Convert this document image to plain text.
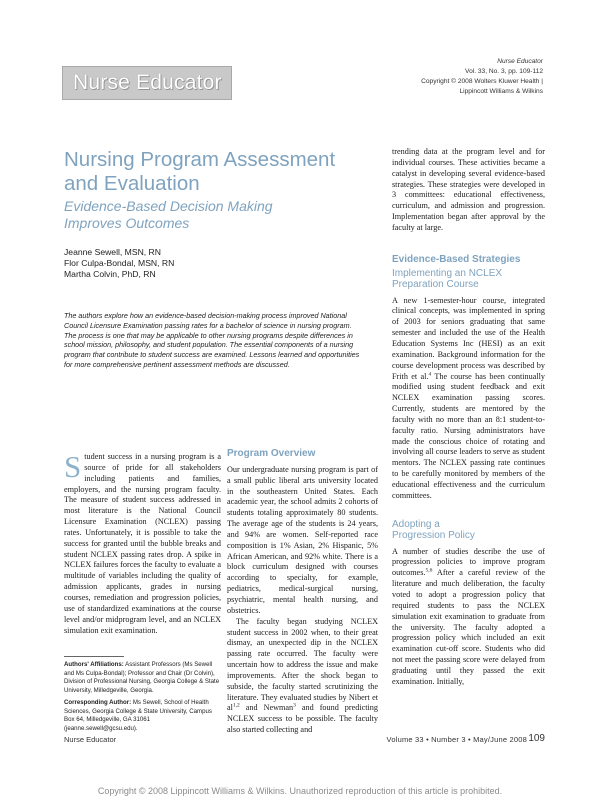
Nurse Educator
Nurse Educator
Vol. 33, No. 3, pp. 109-112
Copyright © 2008 Wolters Kluwer Health |
Lippincott Williams & Wilkins
Nursing Program Assessment
and Evaluation
Evidence-Based Decision Making
Improves Outcomes
Jeanne Sewell, MSN, RN
Flor Culpa-Bondal, MSN, RN
Martha Colvin, PhD, RN
The authors explore how an evidence-based decision-making process improved National Council Licensure Examination passing rates for a bachelor of science in nursing program. The process is one that may be applicable to other nursing programs despite differences in school mission, philosophy, and student population. The essential components of a nursing program that contribute to student success are examined. Lessons learned and opportunities for more comprehensive pertinent assessment methods are discussed.

Student success in a nursing program is a source of pride for all stakeholders including patients and families, employers, and the nursing program faculty. The measure of student success addressed in most literature is the National Council Licensure Examination (NCLEX) passing rates. Unfortunately, it is possible to take the success for granted until the bubble breaks and student NCLEX passing rates drop. A spike in NCLEX failures forces the faculty to evaluate a multitude of variables including the quality of admission applicants, grades in nursing courses, remediation and progression policies, use of standardized examinations at the course level and/or midprogram level, and an NCLEX simulation exit examination.

Authors' Affiliations: Assistant Professors (Ms Sewell and Ms Culpa-Bondal); Professor and Chair (Dr Colvin), Division of Professional Nursing, Georgia College & State University, Milledgeville, Georgia.

Corresponding Author: Ms Sewell, School of Health Sciences, Georgia College & State University, Campus Box 64, Milledgeville, GA 31061 (jeanne.sewell@gcsu.edu).

Program Overview

Our undergraduate nursing program is part of a small public liberal arts university located in the southeastern United States. Each academic year, the school admits 2 cohorts of students totaling approximately 80 students. The average age of the students is 24 years, and 94% are women. Self-reported race composition is 1% Asian, 2% Hispanic, 5% African American, and 92% white. There is a block curriculum designed with courses according to specialty, for example, pediatrics, medical-surgical nursing, psychiatric, mental health nursing, and obstetrics.

The faculty began studying NCLEX student success in 2002 when, to their great dismay, an unexpected dip in the NCLEX passing rate occurred. The faculty were uncertain how to address the issue and make improvements. After the shock began to subside, the faculty started scrutinizing the literature. They evaluated studies by Nibert et al$^{1,2}$ and Newman$^3$ and found predicting NCLEX success to be possible. The faculty also started collecting and

trending data at the program level and for individual courses. These activities became a catalyst in developing several evidence-based strategies. These strategies were developed in 3 committees: educational effectiveness, curriculum, and admission and progression. Implementation began after approval by the faculty at large.

Evidence-Based Strategies
Implementing an NCLEX
Preparation Course

A new 1-semester-hour course, integrated clinical concepts, was implemented in spring of 2003 for seniors graduating that same semester and included the use of the Health Education Systems Inc (HESI) as an exit examination. Background information for the course development process was described by Frith et al.$^4$ The course has been continually modified using student feedback and exit NCLEX examination passing scores. Currently, students are mentored by the faculty with no more than an 8:1 student-to-faculty ratio. Nursing administrators have made the conscious choice of rotating and involving all course leaders to serve as student mentors. The NCLEX passing rate continues to be carefully monitored by members of the educational effectiveness and the curriculum committees.

Adopting a
Progression Policy

A number of studies describe the use of progression policies to improve program outcomes.$^{5,6}$ After a careful review of the literature and much deliberation, the faculty voted to adopt a progression policy that required students to pass the NCLEX simulation exit examination to graduate from the university. The faculty adopted a progression policy which included an exit examination cut-off score. Students who did not meet the passing score were delayed from graduating until they passed the exit examination. Initially,

Nurse Educator	Volume 33 • Number 3 • May/June 2008 109
Copyright © 2008 Lippincott Williams & Wilkins. Unauthorized reproduction of this article is prohibited.
